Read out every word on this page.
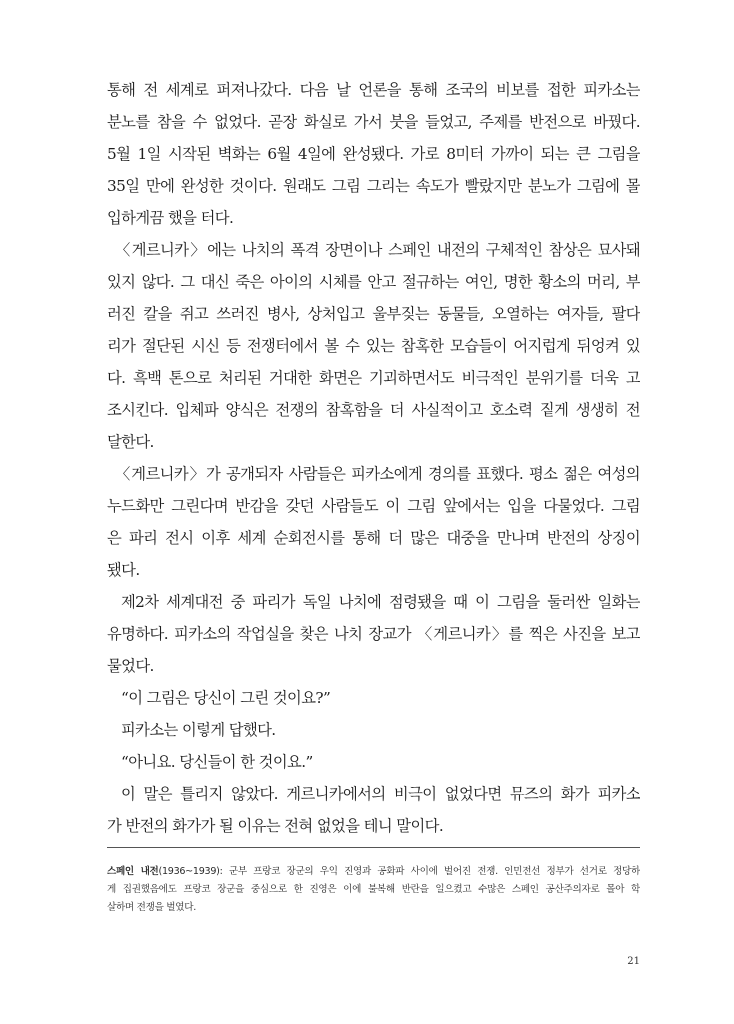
통해 전 세계로 퍼져나갔다. 다음 날 언론을 통해 조국의 비보를 접한 피카소는
분노를 참을 수 없었다. 곧장 화실로 가서 붓을 들었고, 주제를 반전으로 바꿨다.
5월 1일 시작된 벽화는 6월 4일에 완성됐다. 가로 8미터 가까이 되는 큰 그림을
35일 만에 완성한 것이다. 원래도 그림 그리는 속도가 빨랐지만 분노가 그림에 몰
입하게끔 했을 터다.
〈게르니카〉에는 나치의 폭격 장면이나 스페인 내전의 구체적인 참상은 묘사돼
있지 않다. 그 대신 죽은 아이의 시체를 안고 절규하는 여인, 명한 황소의 머리, 부
러진 칼을 쥐고 쓰러진 병사, 상처입고 울부짖는 동물들, 오열하는 여자들, 팔다
리가 절단된 시신 등 전쟁터에서 볼 수 있는 참혹한 모습들이 어지럽게 뒤엉켜 있
다. 흑백 톤으로 처리된 거대한 화면은 기괴하면서도 비극적인 분위기를 더욱 고
조시킨다. 입체파 양식은 전쟁의 참혹함을 더 사실적이고 호소력 짙게 생생히 전
달한다.
〈게르니카〉가 공개되자 사람들은 피카소에게 경의를 표했다. 평소 젊은 여성의
누드화만 그린다며 반감을 갖던 사람들도 이 그림 앞에서는 입을 다물었다. 그림
은 파리 전시 이후 세계 순회전시를 통해 더 많은 대중을 만나며 반전의 상징이
됐다.
제2차 세계대전 중 파리가 독일 나치에 점령됐을 때 이 그림을 둘러싼 일화는
유명하다. 피카소의 작업실을 찾은 나치 장교가 〈게르니카〉를 찍은 사진을 보고
물었다.
“이 그림은 당신이 그린 것이요?”
피카소는 이렇게 답했다.
“아니요. 당신들이 한 것이요.”
이 말은 틀리지 않았다. 게르니카에서의 비극이 없었다면 뮤즈의 화가 피카소
가 반전의 화가가 될 이유는 전혀 없었을 테니 말이다.
스페인 내전(1936~1939): 군부 프랑코 장군의 우익 진영과 공화파 사이에 벌어진 전쟁. 인민전선 정부가 선거로 정당하
게 집권했음에도 프랑코 장군을 중심으로 한 진영은 이에 불복해 반란을 일으켰고 수많은 스페인 공산주의자로 몰아 학
살하며 전쟁을 벌였다.
21
